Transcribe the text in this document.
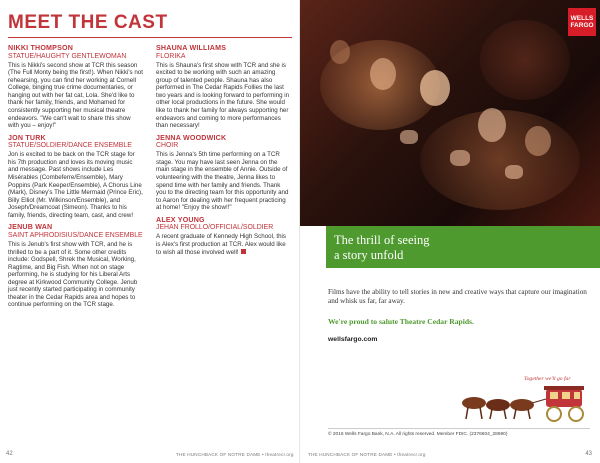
MEET THE CAST
NIKKI THOMPSON
STATUE/HAUGHTY GENTLEWOMAN
This is Nikki's second show at TCR this season (The Full Monty being the first!). When Nikki's not rehearsing, you can find her working at Cornell College, binging true crime documentaries, or hanging out with her fat cat, Lola. She'd like to thank her family, friends, and Mohamed for consistently supporting her musical theatre endeavors. "We can't wait to share this show with you – enjoy!"
JON TURK
STATUE/SOLDIER/DANCE ENSEMBLE
Jon is excited to be back on the TCR stage for his 7th production and loves its moving music and message. Past shows include Les Misérables (Combeferre/Ensemble), Mary Poppins (Park Keeper/Ensemble), A Chorus Line (Mark), Disney's The Little Mermaid (Prince Eric), Billy Elliot (Mr. Wilkinson/Ensemble), and Joseph/Dreamcoat (Simeon). Thanks to his family, friends, directing team, cast, and crew!
JENUB WAN
SAINT APHRODISIUS/DANCE ENSEMBLE
This is Jenub's first show with TCR, and he is thrilled to be a part of it. Some other credits include: Godspell, Shrek the Musical, Working, Ragtime, and Big Fish. When not on stage performing, he is studying for his Liberal Arts degree at Kirkwood Community College. Jenub just recently started participating in community theater in the Cedar Rapids area and hopes to continue performing on the TCR stage.
SHAUNA WILLIAMS
FLORIKA
This is Shauna's first show with TCR and she is excited to be working with such an amazing group of talented people. Shauna has also performed in The Cedar Rapids Follies the last two years and is looking forward to performing in other local productions in the future. She would like to thank her family for always supporting her endeavors and coming to more performances than necessary!
JENNA WOODWICK
CHOIR
This is Jenna's 5th time performing on a TCR stage. You may have last seen Jenna on the main stage in the ensemble of Annie. Outside of volunteering with the theatre, Jenna likes to spend time with her family and friends. Thank you to the directing team for this opportunity and to Aaron for dealing with her frequent practicing at home! "Enjoy the show!!"
ALEX YOUNG
JEHAN FROLLO/OFFICIAL/SOLDIER
A recent graduate of Kennedy High School, this is Alex's first production at TCR. Alex would like to wish all those involved well!
42	THE HUNCHBACK OF NOTRE DAME • theatrecr.org
WELLS
FARGO
The thrill of seeing
a story unfold
Films have the ability to tell stories in new and creative ways that capture our imagination and whisk us far, far away.
We're proud to salute Theatre Cedar Rapids.
wellsfargo.com
Together we'll go far
© 2016 Wells Fargo Bank, N.A. All rights reserved. Member FDIC. (2376604_28690)
THE HUNCHBACK OF NOTRE DAME • theatrecr.org	43
